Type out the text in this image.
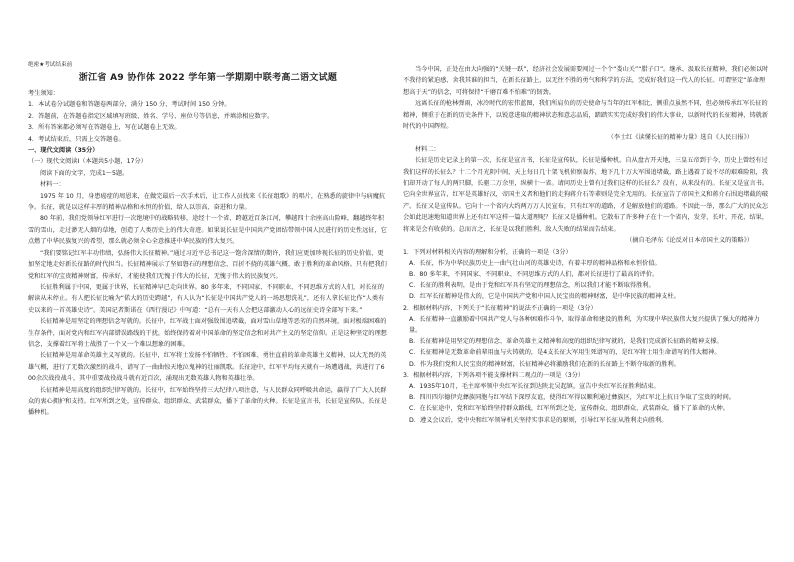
绝密★考试结束前
浙江省 A9 协作体 2022 学年第一学期期中联考高二语文试题

考生须知：

1．本试卷分试题卷和答题卷两部分，满分 150 分，考试时间 150 分钟。

2．答题前，在答题卷指定区域填写班级、姓名、学号、座位号等信息，并填涂相应数字。

3．所有答案都必须写在答题卷上，写在试题卷上无效。

4．考试结束后，只需上交答题卷。

一、现代文阅读（35分）

（一）现代文阅读Ⅰ（本题共5小题，17分）

阅读下面的文字，完成1～5题。

材料一：

1975 年 10 月，身患癌症的周恩来，在做完最后一次手术后，让工作人员找来《长征组歌》的唱片，在熟悉的旋律中与病魔抗争。长征，就是以这样丰厚的精神品格和永恒的价值，给人以崇高、奋进和力量。

80 年前，我们党领导红军进行一次绝境中的战略转移，途经十一个省，跨越近百条江河，攀越四十余座高山险峰，翻越终年积雪的雪山，走过渺无人烟的草地，创造了人类历史上的伟大奇迹。如果说长征是中国共产党团结带领中国人民进行的历史性远征，它点燃了中华民族复兴的希望，那么就必须全心全意推进中华民族的伟大复兴。

“我们要铭记红军丰功伟绩，弘扬伟大长征精神。”通过习近平总书记这一饱含深情的期许，我们应更加珍视长征的历史价值，更加坚定地走好新长征路的时代担当。长征精神展示了坚如磐石的理想信念、百折不挠的英雄气概、敢于胜利的革命风格。只有把我们党和红军的宝贵精神财富，传承好，才能使我们无愧于伟大的长征，无愧于伟大的民族复兴。

长征胜利属于中国，更属于世界，长征精神早已走向世界。80 多年来，不同国家、不同职业、不同思维方式的人们，对长征的解读从未停止。有人把长征比喻为“偌大的历史跨越”，有人认为“长征是中国共产党人的一场思想洗礼”，还有人拿长征比作“人类有史以来的一首英雄史诗”。美国记者斯诺在《西行漫记》中写道：“总有一天有人会把这部激动人心的远征史诗全部写下来。”

长征精神是用坚定的理想信念写就的。长征中，红军战士面对强敌围追堵截，面对雪山草地等恶劣的自然环境，面对极端困难的生存条件，面对党内和红军内部错误路线的干扰，始终保持着对中国革命的坚定信念和对共产主义的坚定信仰。正是这种坚定的理想信念，支撑着红军将士战胜了一个又一个难以想象的困难。

长征精神是用革命英雄主义写就的。长征中，红军将士发扬不怕牺牲、不怕困难、勇往直前的革命英雄主义精神，以大无畏的英雄气概，进行了无数次激烈的战斗，谱写了一曲曲惊天地泣鬼神的壮丽凯歌。长征途中，红军平均每天就有一场遭遇战，共进行了600余次战役战斗，其中重要战役战斗就有近百次，涌现出无数英雄人物和英雄壮举。

长征精神是用高度的组织纪律写就的。长征中，红军始终坚持三大纪律八项注意，与人民群众同呼吸共命运，赢得了广大人民群众的衷心拥护和支持。红军所到之处，宣传群众、组织群众、武装群众，播下了革命的火种。长征是宣言书，长征是宣传队，长征是播种机。

当今中国，正处在由大向强的“关键一跃”，经济社会发展需要闯过一个个“娄山关”“腊子口”。继承、汲取长征精神，我们必须以时不我待的紧迫感、舍我其谁的担当，在新长征路上，以无往不胜的勇气和科学的方法，完成好我们这一代人的长征。可谓坚定“革命理想高于天”的信念，可将保持“千磨百难不怕难”的韧劲。

远离长征的枪林弹雨，冰冷时代的宏伟蓝图，我们所肩负的历史使命与当年的红军相比，侧重点虽然不同，但必须传承红军长征的精神，侧重于在新的历史条件下，以锐意进取的精神状态和意志品质，踏踏实实完成好我们的伟大事业，以新时代的长征精神，铸就新时代的中国辉煌。

（李士红《读懂长征的精神力量》选自《人民日报》）

材料二：

长征是历史记录上的第一次，长征是宣言书，长征是宣传队，长征是播种机。自从盘古开天地，三皇五帝到于今，历史上曾经有过我们这样的长征么？十二个月光阴中间，天上每日几十架飞机侦察轰炸，地下几十万大军围追堵截，路上遇着了说不尽的艰难险阻，我们却开动了每人的两只脚，长驱二万余里，纵横十一省。请问历史上曾有过我们这样的长征么？没有，从来没有的。长征又是宣言书。它向全世界宣告，红军是英雄好汉，帝国主义者和他们的走狗蒋介石等辈则是完全无用的。长征宣告了帝国主义和蒋介石围追堵截的破产。长征又是宣传队。它向十一个省内大约两万万人民宣布，只有红军的道路，才是解放他们的道路。不因此一举，那么广大的民众怎会如此迅速地知道世界上还有红军这样一篇大道理呢？长征又是播种机。它散布了许多种子在十一个省内，发芽、长叶、开花、结果，将来是会有收获的。总而言之，长征是以我们胜利、敌人失败的结果而告结束。

（摘自毛泽东《论反对日本帝国主义的策略》）

1．下列对材料相关内容的理解和分析，正确的一项是（3分）

A．长征，作为中华民族历史上一曲气壮山河的英雄史诗，有着丰厚的精神品格和永恒价值。

B．80 多年来，不同国家、不同职业、不同思维方式的人们，都对长征进行了最高的评价。

C．长征的胜利表明，是由于党和红军具有坚定的理想信念，所以我们才能不断取得胜利。

D．红军长征精神是伟大的，它是中国共产党和中国人民宝贵的精神财富，是中华民族的精神支柱。

2．根据材料内容，下列关于“长征精神”的说法不正确的一项是（3分）

A．长征精神一直激励着中国共产党人与各种困难作斗争，取得革命和建设的胜利，为实现中华民族伟大复兴提供了强大的精神力量。

B．长征精神是用坚定的理想信念、革命英雄主义精神和高度的组织纪律写就的，是我们完成新长征路的精神支撑。

C．长征精神是无数革命前辈用血与火铸就的，是4支长征大军用生死谱写的，是红军将士用生命谱写的伟大精神。

D．作为我们党和人民宝贵的精神财富，长征精神必将激励我们在新的长征路上不断夺取新的胜利。

3．根据材料内容，下列各项不能支撑材料二观点的一项是（3分）

A．1935年10月，毛主席率领中央红军长征到达陕北吴起镇，宣告中央红军长征胜利结束。

B．四川四尔德伊克彝族同胞与红军结下深厚友谊，使得红军得以顺利通过彝族区，为红军北上抗日争取了宝贵的时间。

C．在长征途中，党和红军始终坚持群众路线，红军所到之处，宣传群众、组织群众、武装群众，播下了革命的火种。

D．遵义会议后，党中央和红军领导机关坚持实事求是的原则，引导红军长征从胜利走向胜利。
